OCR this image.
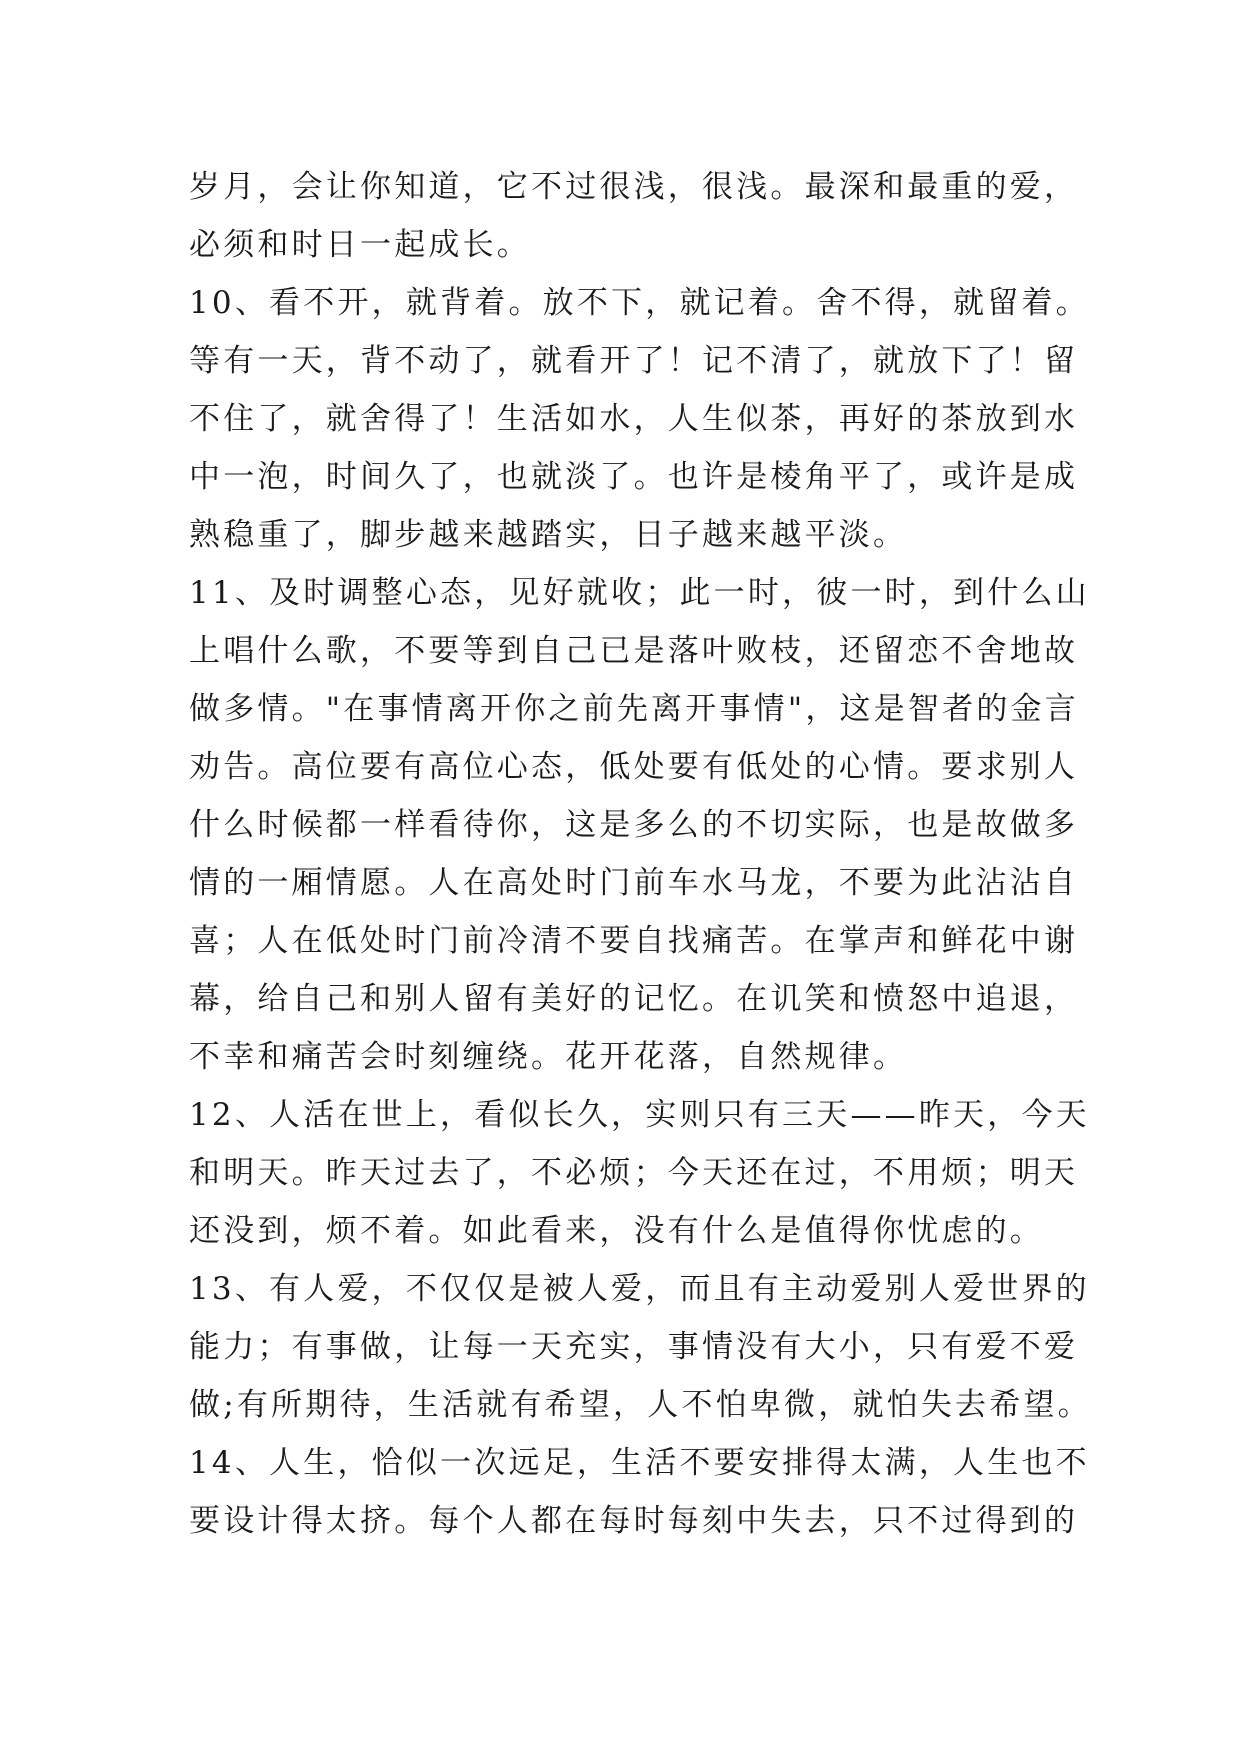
岁月，会让你知道，它不过很浅，很浅。最深和最重的爱，
必须和时日一起成长。
10、看不开，就背着。放不下，就记着。舍不得，就留着。
等有一天，背不动了，就看开了！记不清了，就放下了！留
不住了，就舍得了！生活如水，人生似茶，再好的茶放到水
中一泡，时间久了，也就淡了。也许是棱角平了，或许是成
熟稳重了，脚步越来越踏实，日子越来越平淡。
11、及时调整心态，见好就收；此一时，彼一时，到什么山
上唱什么歌，不要等到自己已是落叶败枝，还留恋不舍地故
做多情。"在事情离开你之前先离开事情"，这是智者的金言
劝告。高位要有高位心态，低处要有低处的心情。要求别人
什么时候都一样看待你，这是多么的不切实际，也是故做多
情的一厢情愿。人在高处时门前车水马龙，不要为此沾沾自
喜；人在低处时门前冷清不要自找痛苦。在掌声和鲜花中谢
幕，给自己和别人留有美好的记忆。在讥笑和愤怒中追退，
不幸和痛苦会时刻缠绕。花开花落，自然规律。
12、人活在世上，看似长久，实则只有三天——昨天，今天
和明天。昨天过去了，不必烦；今天还在过，不用烦；明天
还没到，烦不着。如此看来，没有什么是值得你忧虑的。
13、有人爱，不仅仅是被人爱，而且有主动爱别人爱世界的
能力；有事做，让每一天充实，事情没有大小，只有爱不爱
做;有所期待，生活就有希望，人不怕卑微，就怕失去希望。
14、人生，恰似一次远足，生活不要安排得太满，人生也不
要设计得太挤。每个人都在每时每刻中失去，只不过得到的
